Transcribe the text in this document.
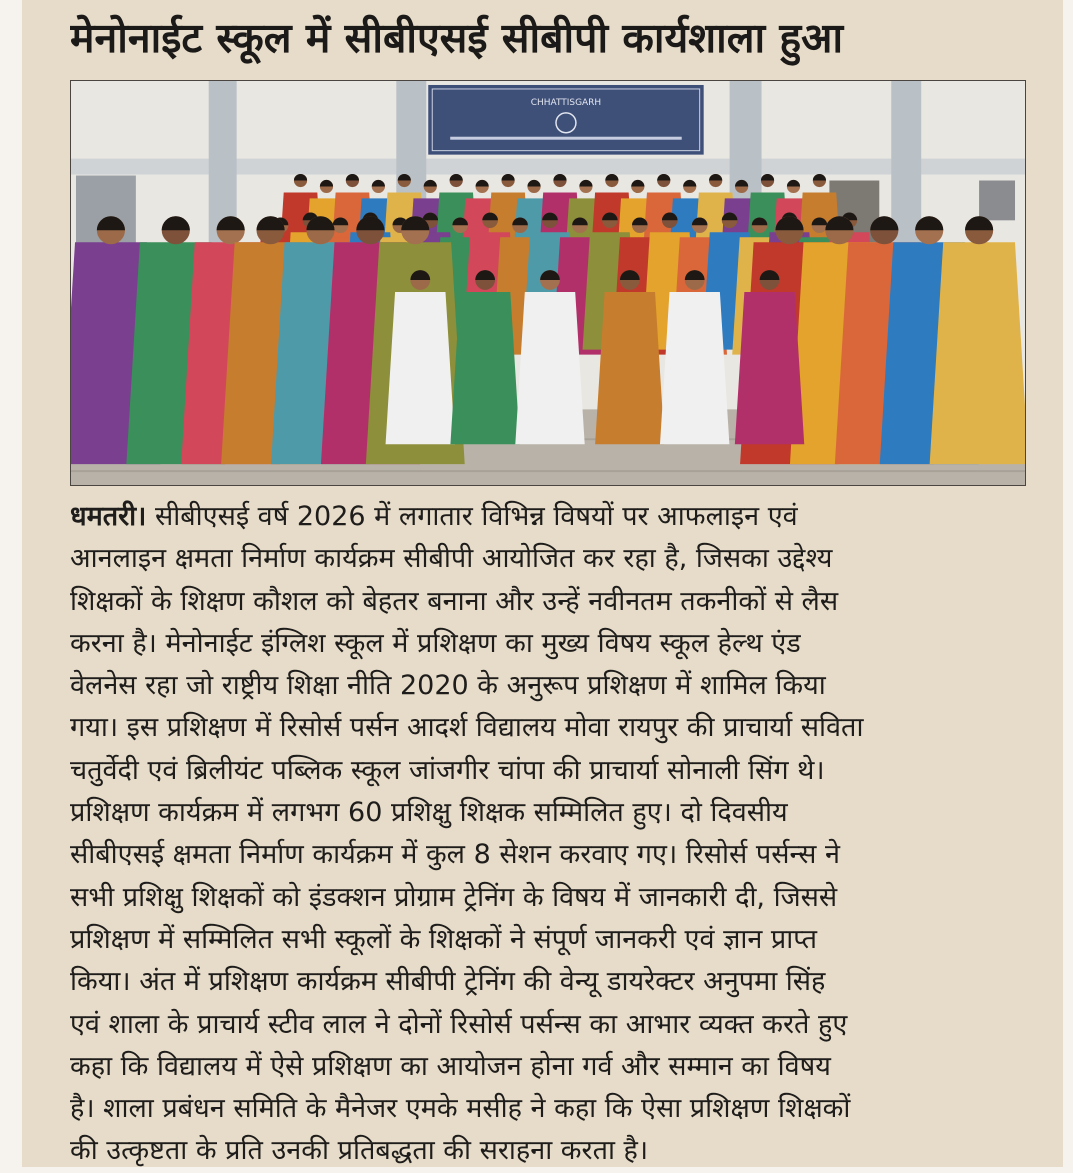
मेनोनाईट स्कूल में सीबीएसई सीबीपी कार्यशाला हुआ
CHHATTISGARH
धमतरी। सीबीएसई वर्ष 2026 में लगातार विभिन्न विषयों पर आफलाइन एवं
आनलाइन क्षमता निर्माण कार्यक्रम सीबीपी आयोजित कर रहा है, जिसका उद्देश्य
शिक्षकों के शिक्षण कौशल को बेहतर बनाना और उन्हें नवीनतम तकनीकों से लैस
करना है। मेनोनाईट इंग्लिश स्कूल में प्रशिक्षण का मुख्य विषय स्कूल हेल्थ एंड
वेलनेस रहा जो राष्ट्रीय शिक्षा नीति 2020 के अनुरूप प्रशिक्षण में शामिल किया
गया। इस प्रशिक्षण में रिसोर्स पर्सन आदर्श विद्यालय मोवा रायपुर की प्राचार्या सविता
चतुर्वेदी एवं ब्रिलीयंट पब्लिक स्कूल जांजगीर चांपा की प्राचार्या सोनाली सिंग थे।
प्रशिक्षण कार्यक्रम में लगभग 60 प्रशिक्षु शिक्षक सम्मिलित हुए। दो दिवसीय
सीबीएसई क्षमता निर्माण कार्यक्रम में कुल 8 सेशन करवाए गए। रिसोर्स पर्सन्स ने
सभी प्रशिक्षु शिक्षकों को इंडक्शन प्रोग्राम ट्रेनिंग के विषय में जानकारी दी, जिससे
प्रशिक्षण में सम्मिलित सभी स्कूलों के शिक्षकों ने संपूर्ण जानकरी एवं ज्ञान प्राप्त
किया। अंत में प्रशिक्षण कार्यक्रम सीबीपी ट्रेनिंग की वेन्यू डायरेक्टर अनुपमा सिंह
एवं शाला के प्राचार्य स्टीव लाल ने दोनों रिसोर्स पर्सन्स का आभार व्यक्त करते हुए
कहा कि विद्यालय में ऐसे प्रशिक्षण का आयोजन होना गर्व और सम्मान का विषय
है। शाला प्रबंधन समिति के मैनेजर एमके मसीह ने कहा कि ऐसा प्रशिक्षण शिक्षकों
की उत्कृष्टता के प्रति उनकी प्रतिबद्धता की सराहना करता है।
